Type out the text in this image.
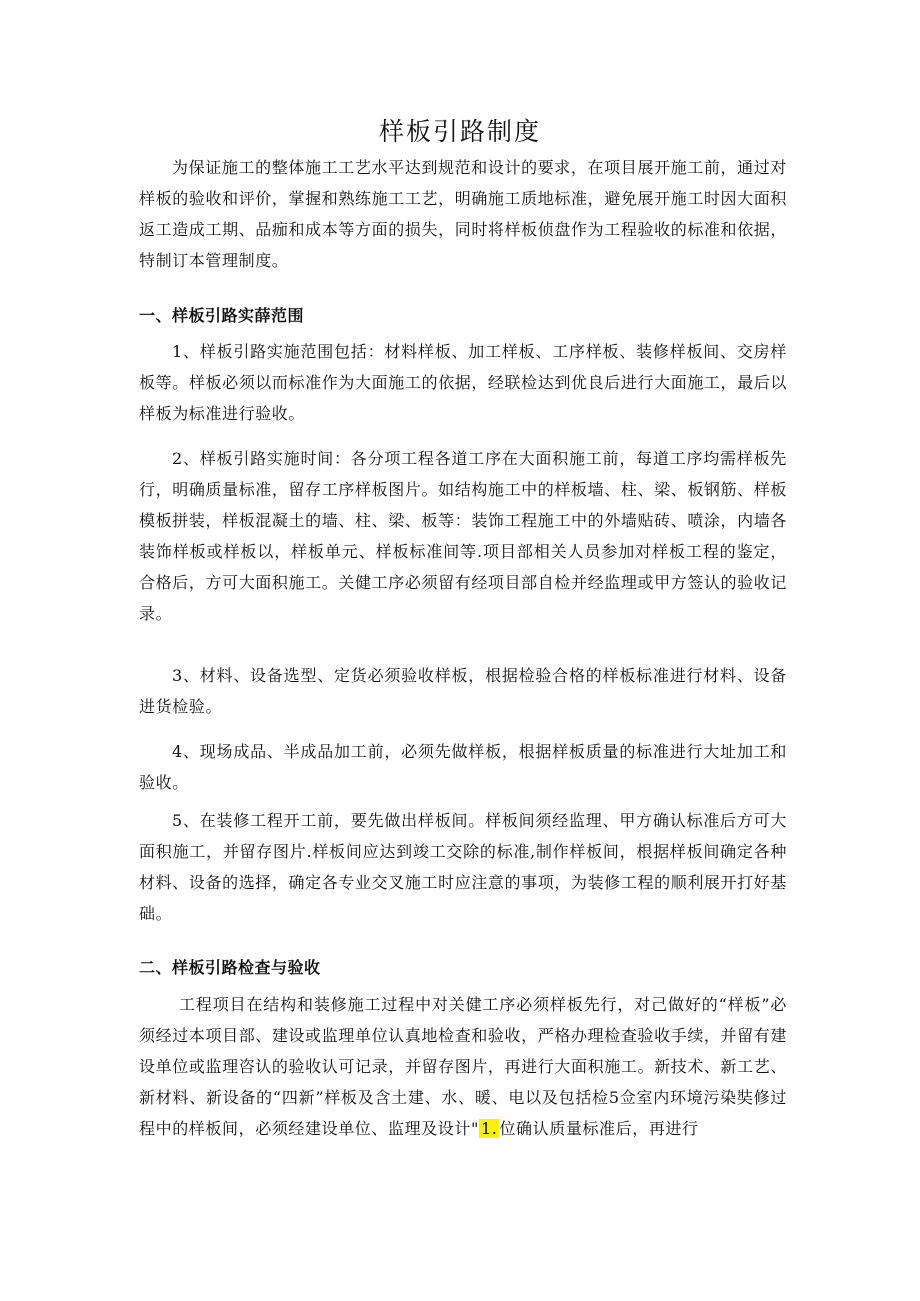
样板引路制度

为保证施工的整体施工工艺水平达到规范和设计的要求，在项目展开施工前，通过对样板的验收和评价，掌握和熟练施工工艺，明确施工质地标准，避免展开施工时因大面积返工造成工期、品痂和成本等方面的损失，同时将样板侦盘作为工程验收的标准和依据，特制订本管理制度。

一、样板引路实薛范围

1、样板引路实施范围包括：材料样板、加工样板、工序样板、装修样板间、交房样板等。样板必须以而标准作为大面施工的依据，经联检达到优良后进行大面施工，最后以样板为标准进行验收。

2、样板引路实施时间：各分项工程各道工序在大面积施工前，每道工序均需样板先行，明确质量标准，留存工序样板图片。如结构施工中的样板墙、柱、梁、板钢筋、样板模板拼装，样板混凝土的墙、柱、梁、板等：装饰工程施工中的外墙贴砖、喷涂，内墙各装饰样板或样板以，样板单元、样板标准间等.项目部相关人员参加对样板工程的鉴定，合格后，方可大面积施工。关健工序必须留有经项目部自检并经监理或甲方签认的验收记录。

3、材料、设备选型、定货必须验收样板，根据检验合格的样板标准进行材料、设备进货检验。

4、现场成品、半成品加工前，必须先做样板，根据样板质量的标准进行大址加工和验收。

5、在装修工程开工前，要先做出样板间。样板间须经监理、甲方确认标准后方可大面积施工，并留存图片.样板间应达到竣工交除的标准,制作样板间，根据样板间确定各种材料、设备的选择，确定各专业交叉施工时应注意的事项，为装修工程的顺利展开打好基础。

二、样板引路检查与验收

工程项目在结构和装修施工过程中对关健工序必须样板先行，对己做好的“样板”必须经过本项目部、建设或监理单位认真地检查和验收，严格办理检查验收手续，并留有建设单位或监理咨认的验收认可记录，并留存图片，再进行大面积施工。新技术、新工艺、新材料、新设备的“四新”样板及含土建、水、暖、电以及包括检5佥室内环境污染奘修过程中的样板间，必须经建设单位、监理及设计" 1. 位确认质量标准后，再进行
